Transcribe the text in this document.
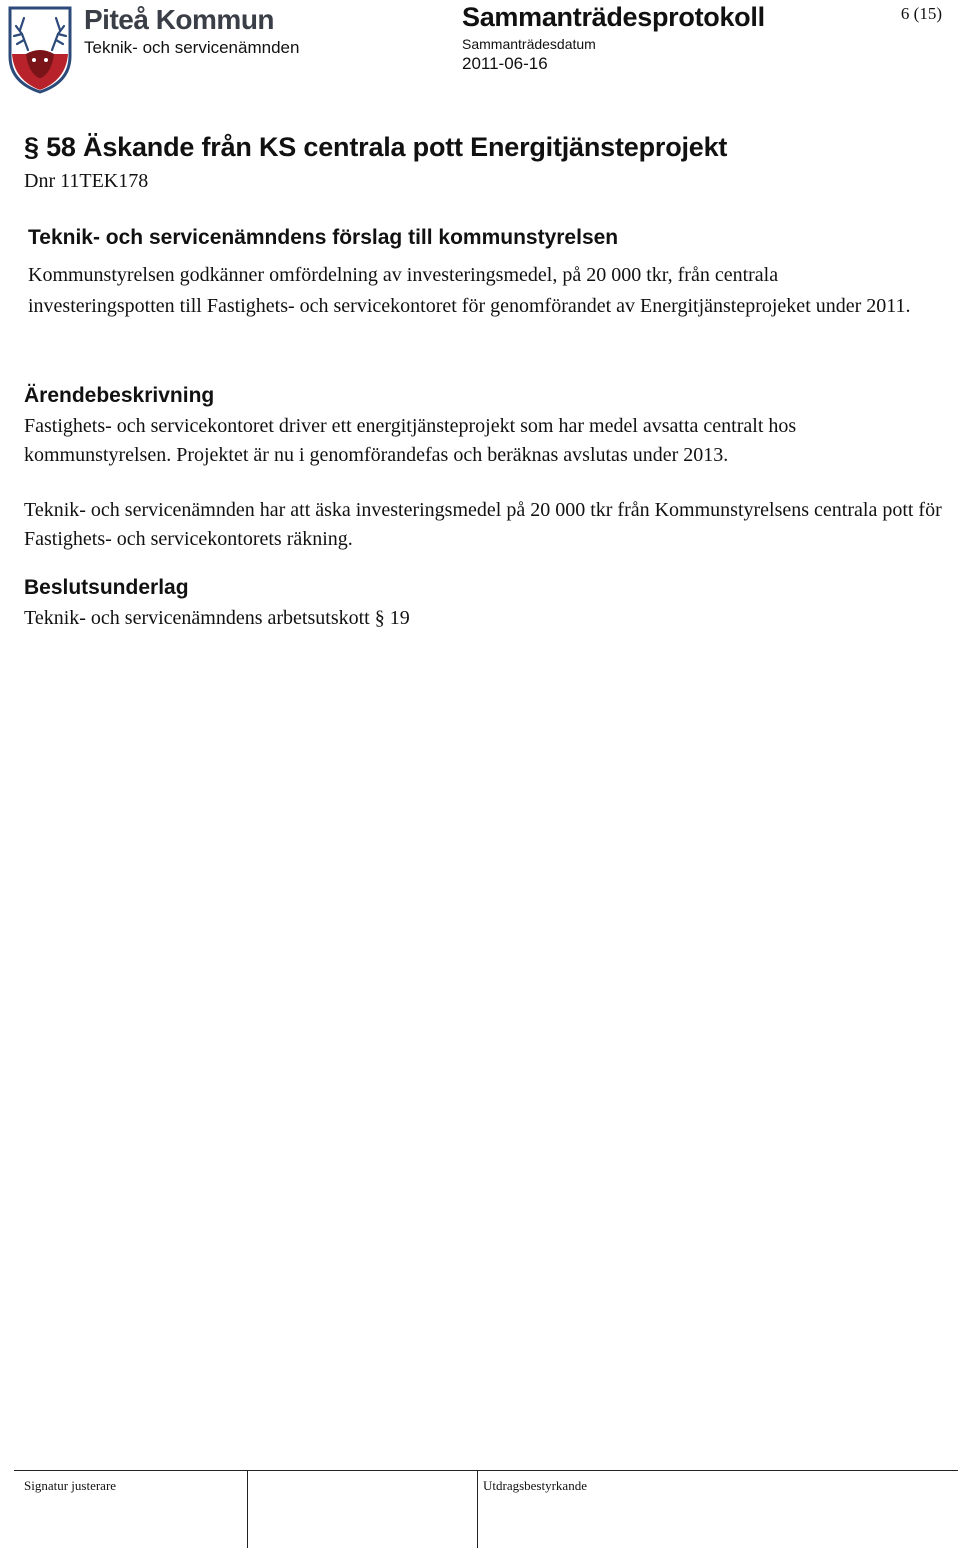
Piteå Kommun
Teknik- och servicenämnden
Sammanträdesprotokoll
Sammanträdesdatum
2011-06-16
6 (15)
§ 58 Äskande från KS centrala pott Energitjänsteprojekt
Dnr 11TEK178
Teknik- och servicenämndens förslag till kommunstyrelsen
Kommunstyrelsen godkänner omfördelning av investeringsmedel, på 20 000 tkr, från centrala investeringspotten till Fastighets- och servicekontoret för genomförandet av Energitjänsteprojeket under 2011.
Ärendebeskrivning
Fastighets- och servicekontoret driver ett energitjänsteprojekt som har medel avsatta centralt hos kommunstyrelsen. Projektet är nu i genomförandefas och beräknas avslutas under 2013.
Teknik- och servicenämnden har att äska investeringsmedel på 20 000 tkr från Kommunstyrelsens centrala pott för Fastighets- och servicekontorets räkning.
Beslutsunderlag
Teknik- och servicenämndens arbetsutskott § 19
Signatur justerare	Utdragsbestyrkande
